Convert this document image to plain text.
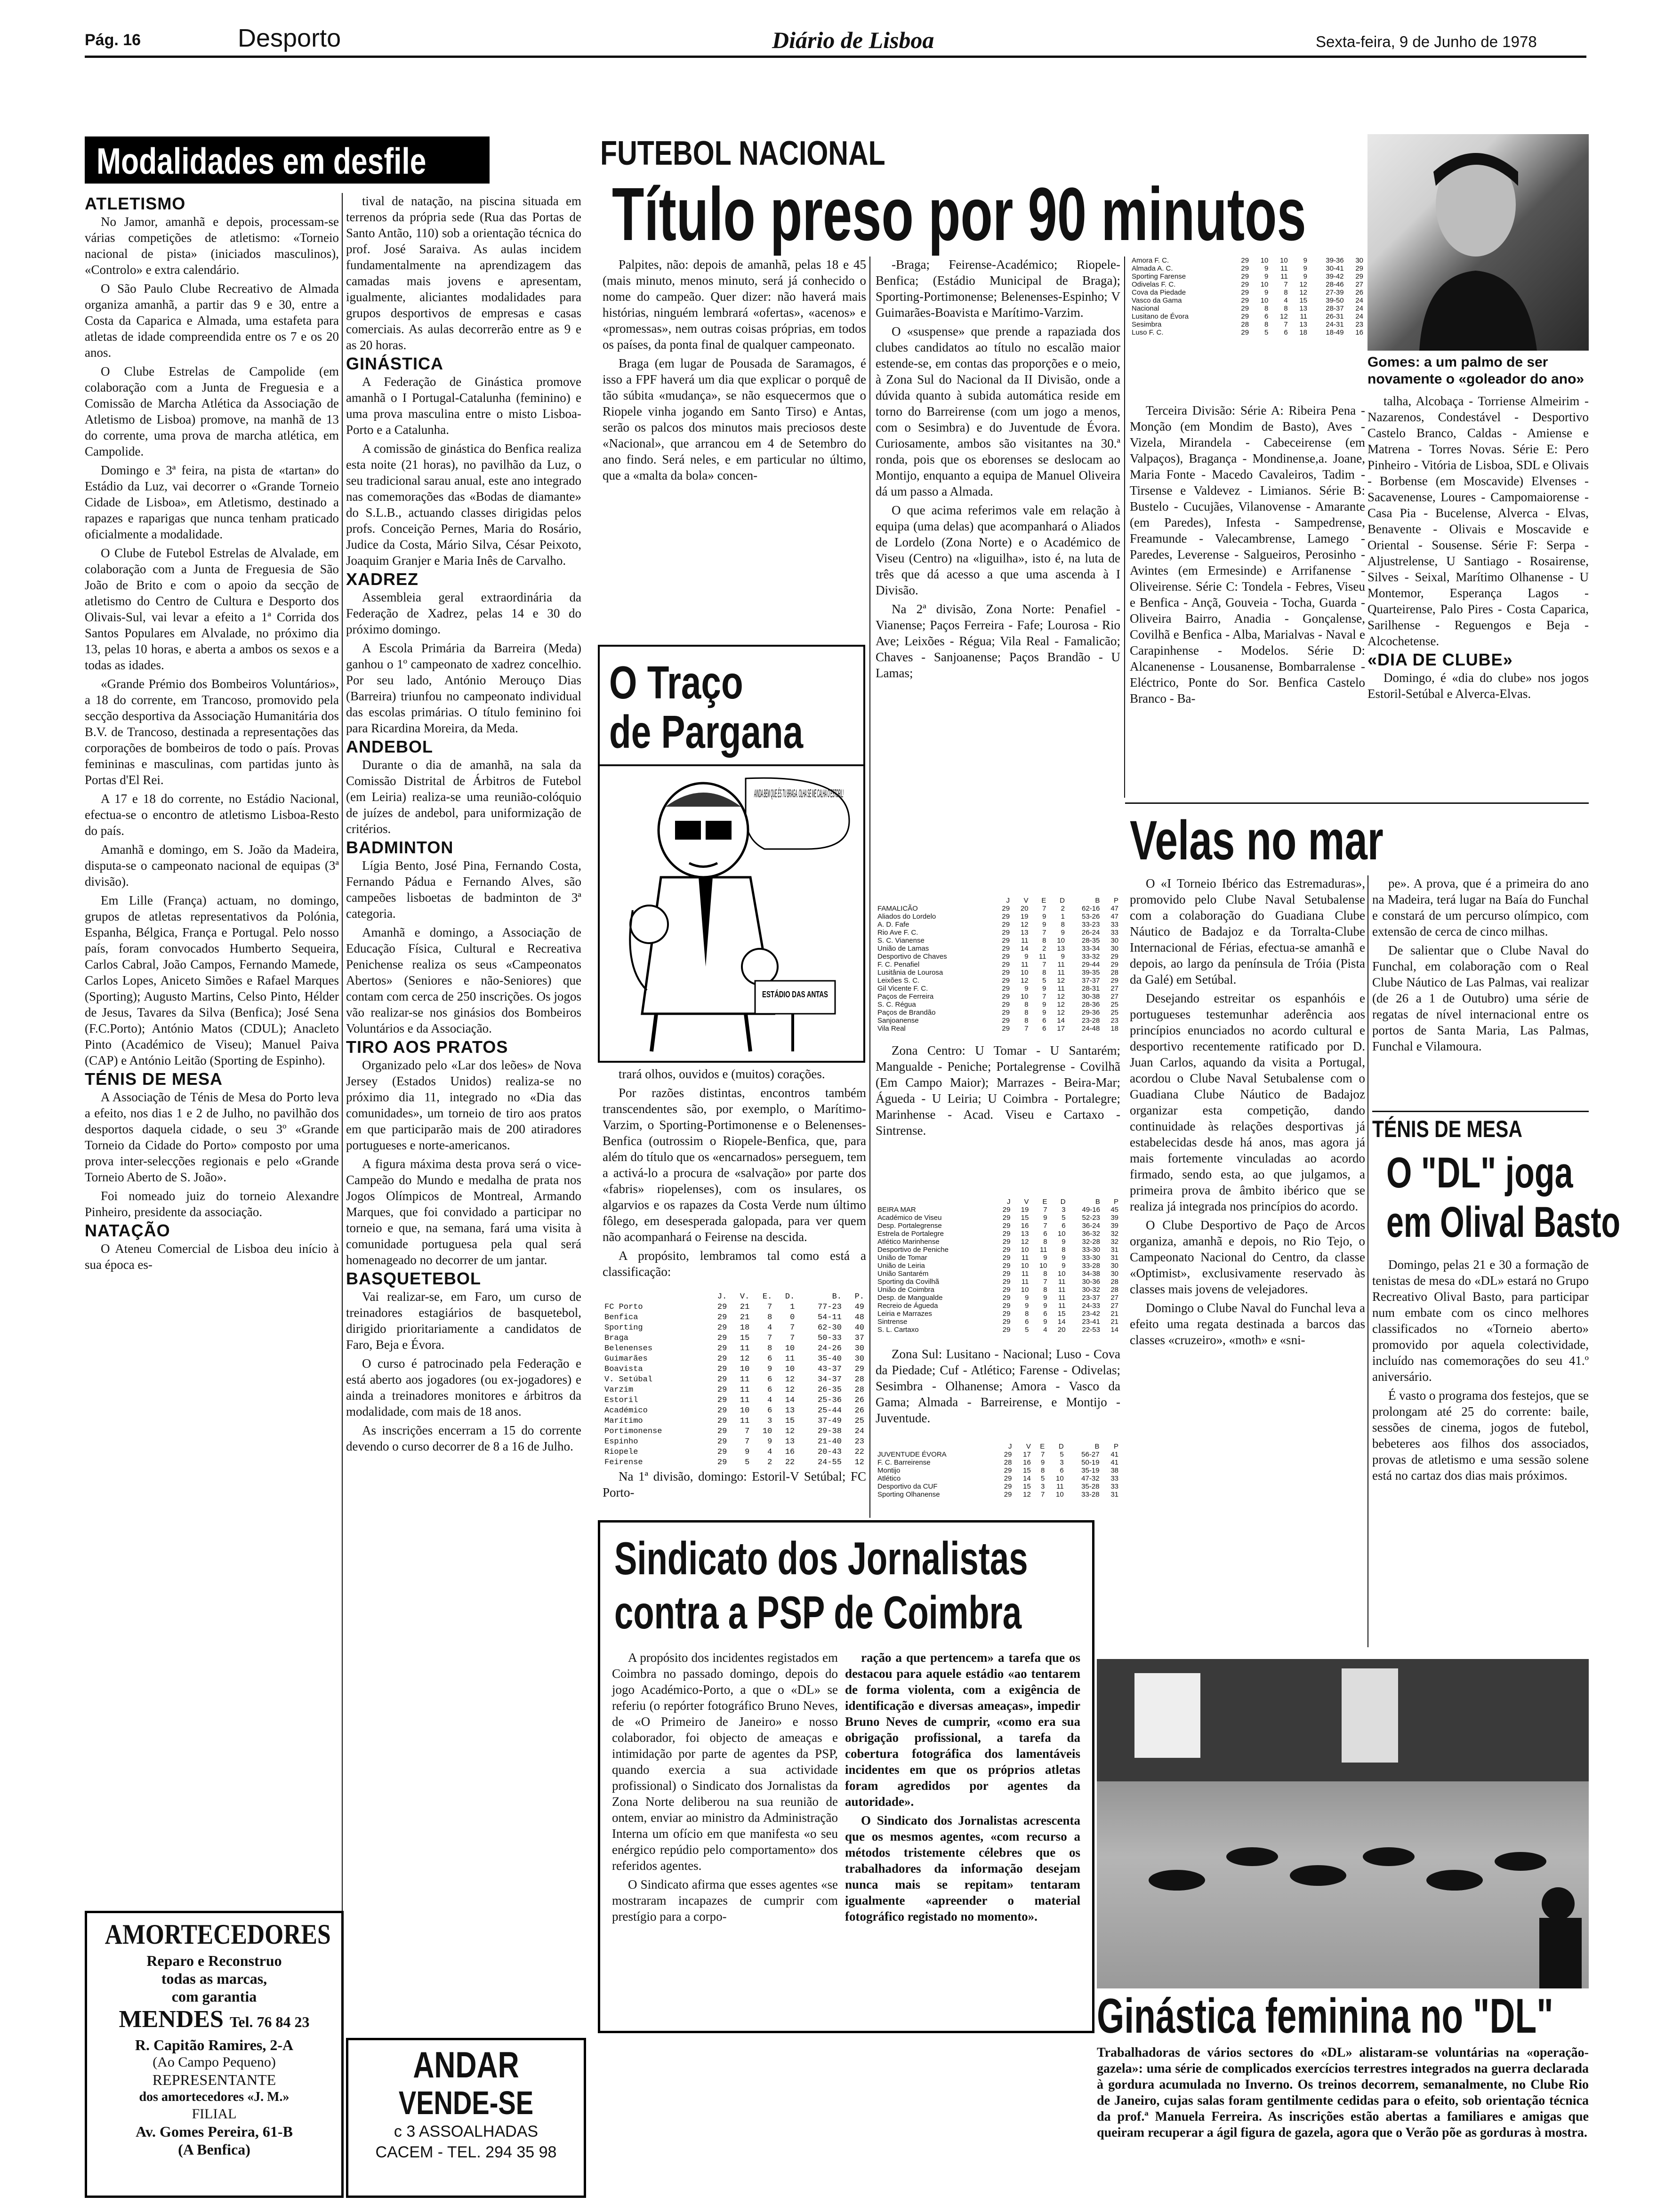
Pág. 16	Desporto	Diário de Lisboa	Sexta-feira, 9 de Junho de 1978
Modalidades em desfile
ATLETISMO

No Jamor, amanhã e depois, processam-se várias competições de atletismo: «Torneio nacional de pista» (iniciados masculinos), «Controlo» e extra calendário.

O São Paulo Clube Recreativo de Almada organiza amanhã, a partir das 9 e 30, entre a Costa da Caparica e Almada, uma estafeta para atletas de idade compreendida entre os 7 e os 20 anos.

O Clube Estrelas de Campolide (em colaboração com a Junta de Freguesia e a Comissão de Marcha Atlética da Associação de Atletismo de Lisboa) promove, na manhã de 13 do corrente, uma prova de marcha atlética, em Campolide.

Domingo e 3ª feira, na pista de «tartan» do Estádio da Luz, vai decorrer o «Grande Torneio Cidade de Lisboa», em Atletismo, destinado a rapazes e raparigas que nunca tenham praticado oficialmente a modalidade.

O Clube de Futebol Estrelas de Alvalade, em colaboração com a Junta de Freguesia de São João de Brito e com o apoio da secção de atletismo do Centro de Cultura e Desporto dos Olivais-Sul, vai levar a efeito a 1ª Corrida dos Santos Populares em Alvalade, no próximo dia 13, pelas 10 horas, e aberta a ambos os sexos e a todas as idades.

«Grande Prémio dos Bombeiros Voluntários», a 18 do corrente, em Trancoso, promovido pela secção desportiva da Associação Humanitária dos B.V. de Trancoso, destinada a representações das corporações de bombeiros de todo o país. Provas femininas e masculinas, com partidas junto às Portas d'El Rei.

A 17 e 18 do corrente, no Estádio Nacional, efectua-se o encontro de atletismo Lisboa-Resto do país.

Amanhã e domingo, em S. João da Madeira, disputa-se o campeonato nacional de equipas (3ª divisão).

Em Lille (França) actuam, no domingo, grupos de atletas representativos da Polónia, Espanha, Bélgica, França e Portugal. Pelo nosso país, foram convocados Humberto Sequeira, Carlos Cabral, João Campos, Fernando Mamede, Carlos Lopes, Aniceto Simões e Rafael Marques (Sporting); Augusto Martins, Celso Pinto, Hélder de Jesus, Tavares da Silva (Benfica); José Sena (F.C.Porto); António Matos (CDUL); Anacleto Pinto (Académico de Viseu); Manuel Paiva (CAP) e António Leitão (Sporting de Espinho).

TÉNIS DE MESA

A Associação de Ténis de Mesa do Porto leva a efeito, nos dias 1 e 2 de Julho, no pavilhão dos desportos daquela cidade, o seu 3º «Grande Torneio da Cidade do Porto» composto por uma prova inter-selecções regionais e pelo «Grande Torneio Aberto de S. João».

Foi nomeado juiz do torneio Alexandre Pinheiro, presidente da associação.

NATAÇÃO

O Ateneu Comercial de Lisboa deu início à sua época es-

tival de natação, na piscina situada em terrenos da própria sede (Rua das Portas de Santo Antão, 110) sob a orientação técnica do prof. José Saraiva. As aulas incidem fundamentalmente na aprendizagem das camadas mais jovens e apresentam, igualmente, aliciantes modalidades para grupos desportivos de empresas e casas comerciais. As aulas decorrerão entre as 9 e as 20 horas.

GINÁSTICA

A Federação de Ginástica promove amanhã o I Portugal-Catalunha (feminino) e uma prova masculina entre o misto Lisboa-Porto e a Catalunha.

A comissão de ginástica do Benfica realiza esta noite (21 horas), no pavilhão da Luz, o seu tradicional sarau anual, este ano integrado nas comemorações das «Bodas de diamante» do S.L.B., actuando classes dirigidas pelos profs. Conceição Pernes, Maria do Rosário, Judice da Costa, Mário Silva, César Peixoto, Joaquim Granjer e Maria Inês de Carvalho.

XADREZ

Assembleia geral extraordinária da Federação de Xadrez, pelas 14 e 30 do próximo domingo.

A Escola Primária da Barreira (Meda) ganhou o 1º campeonato de xadrez concelhio. Por seu lado, António Merouço Dias (Barreira) triunfou no campeonato individual das escolas primárias. O título feminino foi para Ricardina Moreira, da Meda.

ANDEBOL

Durante o dia de amanhã, na sala da Comissão Distrital de Árbitros de Futebol (em Leiria) realiza-se uma reunião-colóquio de juízes de andebol, para uniformização de critérios.

BADMINTON

Lígia Bento, José Pina, Fernando Costa, Fernando Pádua e Fernando Alves, são campeões lisboetas de badminton de 3ª categoria.

Amanhã e domingo, a Associação de Educação Física, Cultural e Recreativa Penichense realiza os seus «Campeonatos Abertos» (Seniores e não-Seniores) que contam com cerca de 250 inscrições. Os jogos vão realizar-se nos ginásios dos Bombeiros Voluntários e da Associação.

TIRO AOS PRATOS

Organizado pelo «Lar dos leões» de Nova Jersey (Estados Unidos) realiza-se no próximo dia 11, integrado no «Dia das comunidades», um torneio de tiro aos pratos em que participarão mais de 200 atiradores portugueses e norte-americanos.

A figura máxima desta prova será o vice-Campeão do Mundo e medalha de prata nos Jogos Olímpicos de Montreal, Armando Marques, que foi convidado a participar no torneio e que, na semana, fará uma visita à comunidade portuguesa pela qual será homenageado no decorrer de um jantar.

BASQUETEBOL

Vai realizar-se, em Faro, um curso de treinadores estagiários de basquetebol, dirigido prioritariamente a candidatos de Faro, Beja e Évora.

O curso é patrocinado pela Federação e está aberto aos jogadores (ou ex-jogadores) e ainda a treinadores monitores e árbitros da modalidade, com mais de 18 anos.

As inscrições encerram a 15 do corrente devendo o curso decorrer de 8 a 16 de Julho.

FUTEBOL NACIONAL
Título preso por 90 minutos

Palpites, não: depois de amanhã, pelas 18 e 45 (mais minuto, menos minuto, será já conhecido o nome do campeão. Quer dizer: não haverá mais histórias, ninguém lembrará «ofertas», «acenos» e «promessas», nem outras coisas próprias, em todos os países, da ponta final de qualquer campeonato.

Braga (em lugar de Pousada de Saramagos, é isso a FPF haverá um dia que explicar o porquê de tão súbita «mudança», se não esquecermos que o Riopele vinha jogando em Santo Tirso) e Antas, serão os palcos dos minutos mais preciosos deste «Nacional», que arrancou em 4 de Setembro do ano findo. Será neles, e em particular no último, que a «malta da bola» concen-

O Traço
de Pargana
AINDA BEM QUE ÉS TU BRAGA. OLHA SE ME CALHA O ESTORIL!
ESTÁDIO DAS ANTAS

trará olhos, ouvidos e (muitos) corações.

Por razões distintas, encontros também transcendentes são, por exemplo, o Marítimo-Varzim, o Sporting-Portimonense e o Belenenses-Benfica (outrossim o Riopele-Benfica, que, para além do título que os «encarnados» perseguem, tem a activá-lo a procura de «salvação» por parte dos «fabris» riopelenses), com os insulares, os algarvios e os rapazes da Costa Verde num último fôlego, em desesperada galopada, para ver quem não acompanhará o Feirense na descida.

A propósito, lembramos tal como está a classificação:

	J.	V.	E.	D.	B.	P.
FC Porto	29	21	7	1	77-23	49
Benfica	29	21	8	0	54-11	48
Sporting	29	18	4	7	62-30	40
Braga	29	15	7	7	50-33	37
Belenenses	29	11	8	10	24-26	30
Guimarães	29	12	6	11	35-40	30
Boavista	29	10	9	10	43-37	29
V. Setúbal	29	11	6	12	34-37	28
Varzim	29	11	6	12	26-35	28
Estoril	29	11	4	14	25-36	26
Académico	29	10	6	13	25-44	26
Marítimo	29	11	3	15	37-49	25
Portimonense	29	7	10	12	29-38	24
Espinho	29	7	9	13	21-40	23
Riopele	29	9	4	16	20-43	22
Feirense	29	5	2	22	24-55	12

Na 1ª divisão, domingo: Estoril-V Setúbal; FC Porto-

-Braga; Feirense-Académico; Riopele-Benfica; (Estádio Municipal de Braga); Sporting-Portimonense; Belenenses-Espinho; V Guimarães-Boavista e Marítimo-Varzim.

O «suspense» que prende a rapaziada dos clubes candidatos ao título no escalão maior estende-se, em contas das proporções e o meio, à Zona Sul do Nacional da II Divisão, onde a dúvida quanto à subida automática reside em torno do Barreirense (com um jogo a menos, com o Sesimbra) e do Juventude de Évora. Curiosamente, ambos são visitantes na 30.ª ronda, pois que os eborenses se deslocam ao Montijo, enquanto a equipa de Manuel Oliveira dá um passo a Almada.

O que acima referimos vale em relação à equipa (uma delas) que acompanhará o Aliados de Lordelo (Zona Norte) e o Académico de Viseu (Centro) na «liguilha», isto é, na luta de três que dá acesso a que uma ascenda à I Divisão.

Na 2ª divisão, Zona Norte: Penafiel - Vianense; Paços Ferreira - Fafe; Lourosa - Rio Ave; Leixões - Régua; Vila Real - Famalicão; Chaves - Sanjoanense; Paços Brandão - U Lamas;

	J	V	E	D	B	P
FAMALICÃO	29	20	7	2	62-16	47
Aliados do Lordelo	29	19	9	1	53-26	47
A. D. Fafe	29	12	9	8	33-23	33
Rio Ave F. C.	29	13	7	9	26-24	33
S. C. Vianense	29	11	8	10	28-35	30
União de Lamas	29	14	2	13	33-34	30
Desportivo de Chaves	29	9	11	9	33-32	29
F. C. Penafiel	29	11	7	11	29-44	29
Lusitânia de Lourosa	29	10	8	11	39-35	28
Leixões S. C.	29	12	5	12	37-37	29
Gil Vicente F. C.	29	9	9	11	28-31	27
Paços de Ferreira	29	10	7	12	30-38	27
S. C. Régua	29	8	9	12	28-36	25
Paços de Brandão	29	8	9	12	29-36	25
Sanjoanense	29	8	6	14	23-28	23
Vila Real	29	7	6	17	24-48	18

Zona Centro: U Tomar - U Santarém; Mangualde - Peniche; Portalegrense - Covilhã (Em Campo Maior); Marrazes - Beira-Mar; Águeda - U Leiria; U Coimbra - Portalegre; Marinhense - Acad. Viseu e Cartaxo - Sintrense.

	J	V	E	D	B	P
BEIRA MAR	29	19	7	3	49-16	45
Académico de Viseu	29	15	9	5	52-23	39
Desp. Portalegrense	29	16	7	6	36-24	39
Estrela de Portalegre	29	13	6	10	36-32	32
Atlético Marinhense	29	12	8	9	32-28	32
Desportivo de Peniche	29	10	11	8	33-30	31
União de Tomar	29	11	9	9	33-30	31
União de Leiria	29	10	10	9	33-28	30
União Santarém	29	11	8	10	34-38	30
Sporting da Covilhã	29	11	7	11	30-36	28
União de Coimbra	29	10	8	11	30-32	28
Desp. de Mangualde	29	9	9	11	23-37	27
Recreio de Águeda	29	9	9	11	24-33	27
Leiria e Marrazes	29	8	6	15	23-42	21
Sintrense	29	6	9	14	23-41	21
S. L. Cartaxo	29	5	4	20	22-53	14

Zona Sul: Lusitano - Nacional; Luso - Cova da Piedade; Cuf - Atlético; Farense - Odivelas; Sesimbra - Olhanense; Amora - Vasco da Gama; Almada - Barreirense, e Montijo - Juventude.

	J	V	E	D	B	P
JUVENTUDE ÉVORA	29	17	7	5	56-27	41
F. C. Barreirense	28	16	9	3	50-19	41
Montijo	29	15	8	6	35-19	38
Atlético	29	14	5	10	47-32	33
Desportivo da CUF	29	15	3	11	35-28	33
Sporting Olhanense	29	12	7	10	33-28	31
Amora F. C.	29	10	10	9	39-36	30
Almada A. C.	29	9	11	9	30-41	29
Sporting Farense	29	9	11	9	39-42	29
Odivelas F. C.	29	10	7	12	28-46	27
Cova da Piedade	29	9	8	12	27-39	26
Vasco da Gama	29	10	4	15	39-50	24
Nacional	29	8	8	13	28-37	24
Lusitano de Évora	29	6	12	11	26-31	24
Sesimbra	28	8	7	13	24-31	23
Luso F. C.	29	5	6	18	18-49	16
Gomes: a um palmo de ser novamente o «goleador do ano»

Terceira Divisão: Série A: Ribeira Pena - Monção (em Mondim de Basto), Aves - Vizela, Mirandela - Cabeceirense (em Valpaços), Bragança - Mondinense,a. Joane, Maria Fonte - Macedo Cavaleiros, Tadim - Tirsense e Valdevez - Limianos. Série B: Bustelo - Cucujães, Vilanovense - Amarante (em Paredes), Infesta - Sampedrense, Freamunde - Valecambrense, Lamego - Paredes, Leverense - Salgueiros, Perosinho - Avintes (em Ermesinde) e Arrifanense - Oliveirense. Série C: Tondela - Febres, Viseu e Benfica - Ançã, Gouveia - Tocha, Guarda - Oliveira Bairro, Anadia - Gonçalense, Covilhã e Benfica - Alba, Marialvas - Naval e Carapinhense - Modelos. Série D: Alcanenense - Lousanense, Bombarralense - Eléctrico, Ponte do Sor. Benfica Castelo Branco - Ba-

talha, Alcobaça - Torriense Almeirim - Nazarenos, Condestável - Desportivo Castelo Branco, Caldas - Amiense e Matrena - Torres Novas. Série E: Pero Pinheiro - Vitória de Lisboa, SDL e Olivais - Borbense (em Moscavide) Elvenses - Sacavenense, Loures - Campomaiorense - Casa Pia - Bucelense, Alverca - Elvas, Benavente - Olivais e Moscavide e Oriental - Sousense. Série F: Serpa - Aljustrelense, U Santiago - Rosairense, Silves - Seixal, Marítimo Olhanense - U Montemor, Esperança Lagos - Quarteirense, Palo Pires - Costa Caparica, Sarilhense - Reguengos e Beja - Alcochetense.

«DIA DE CLUBE»

Domingo, é «dia do clube» nos jogos Estoril-Setúbal e Alverca-Elvas.

Velas no mar

O «I Torneio Ibérico das Estremaduras», promovido pelo Clube Naval Setubalense com a colaboração do Guadiana Clube Náutico de Badajoz e da Torralta-Clube Internacional de Férias, efectua-se amanhã e depois, ao largo da península de Tróia (Pista da Galé) em Setúbal.

Desejando estreitar os espanhóis e portugueses testemunhar aderência aos princípios enunciados no acordo cultural e desportivo recentemente ratificado por D. Juan Carlos, aquando da visita a Portugal, acordou o Clube Naval Setubalense com o Guadiana Clube Náutico de Badajoz organizar esta competição, dando continuidade às relações desportivas já estabelecidas desde há anos, mas agora já mais fortemente vinculadas ao acordo firmado, sendo esta, ao que julgamos, a primeira prova de âmbito ibérico que se realiza já integrada nos princípios do acordo.

O Clube Desportivo de Paço de Arcos organiza, amanhã e depois, no Rio Tejo, o Campeonato Nacional do Centro, da classe «Optimist», exclusivamente reservado às classes mais jovens de velejadores.

Domingo o Clube Naval do Funchal leva a efeito uma regata destinada a barcos das classes «cruzeiro», «moth» e «sni-

pe». A prova, que é a primeira do ano na Madeira, terá lugar na Baía do Funchal e constará de um percurso olímpico, com extensão de cerca de cinco milhas.

De salientar que o Clube Naval do Funchal, em colaboração com o Real Clube Náutico de Las Palmas, vai realizar (de 26 a 1 de Outubro) uma série de regatas de nível internacional entre os portos de Santa Maria, Las Palmas, Funchal e Vilamoura.

TÉNIS DE MESA
O "DL" joga
em Olival Basto

Domingo, pelas 21 e 30 a formação de tenistas de mesa do «DL» estará no Grupo Recreativo Olival Basto, para participar num embate com os cinco melhores classificados no «Torneio aberto» promovido por aquela colectividade, incluído nas comemorações do seu 41.º aniversário.

É vasto o programa dos festejos, que se prolongam até 25 do corrente: baile, sessões de cinema, jogos de futebol, bebeteres aos filhos dos associados, provas de atletismo e uma sessão solene está no cartaz dos dias mais próximos.

Ginástica feminina no "DL"
Trabalhadoras de vários sectores do «DL» alistaram-se voluntárias na «operação-gazela»: uma série de complicados exercícios terrestres integrados na guerra declarada à gordura acumulada no Inverno. Os treinos decorrem, semanalmente, no Clube Rio de Janeiro, cujas salas foram gentilmente cedidas para o efeito, sob orientação técnica da prof.ª Manuela Ferreira. As inscrições estão abertas a familiares e amigas que queiram recuperar a ágil figura de gazela, agora que o Verão põe as gorduras à mostra.
Sindicato dos Jornalistas
contra a PSP de Coimbra

A propósito dos incidentes registados em Coimbra no passado domingo, depois do jogo Académico-Porto, a que o «DL» se referiu (o repórter fotográfico Bruno Neves, de «O Primeiro de Janeiro» e nosso colaborador, foi objecto de ameaças e intimidação por parte de agentes da PSP, quando exercia a sua actividade profissional) o Sindicato dos Jornalistas da Zona Norte deliberou na sua reunião de ontem, enviar ao ministro da Administração Interna um ofício em que manifesta «o seu enérgico repúdio pelo comportamento» dos referidos agentes.

O Sindicato afirma que esses agentes «se mostraram incapazes de cumprir com prestígio para a corpo-

ração a que pertencem» a tarefa que os destacou para aquele estádio «ao tentarem de forma violenta, com a exigência de identificação e diversas ameaças», impedir Bruno Neves de cumprir, «como era sua obrigação profissional, a tarefa da cobertura fotográfica dos lamentáveis incidentes em que os próprios atletas foram agredidos por agentes da autoridade».

O Sindicato dos Jornalistas acrescenta que os mesmos agentes, «com recurso a métodos tristemente célebres que os trabalhadores da informação desejam nunca mais se repitam» tentaram igualmente «apreender o material fotográfico registado no momento».

AMORTECEDORES
Reparo e Reconstruo
todas as marcas,
com garantia
MENDES Tel. 76 84 23
R. Capitão Ramires, 2-A
(Ao Campo Pequeno)
REPRESENTANTE
dos amortecedores «J. M.»
FILIAL
Av. Gomes Pereira, 61-B
(A Benfica)
ANDAR
VENDE-SE
c 3 ASSOALHADAS
CACEM - TEL. 294 35 98
